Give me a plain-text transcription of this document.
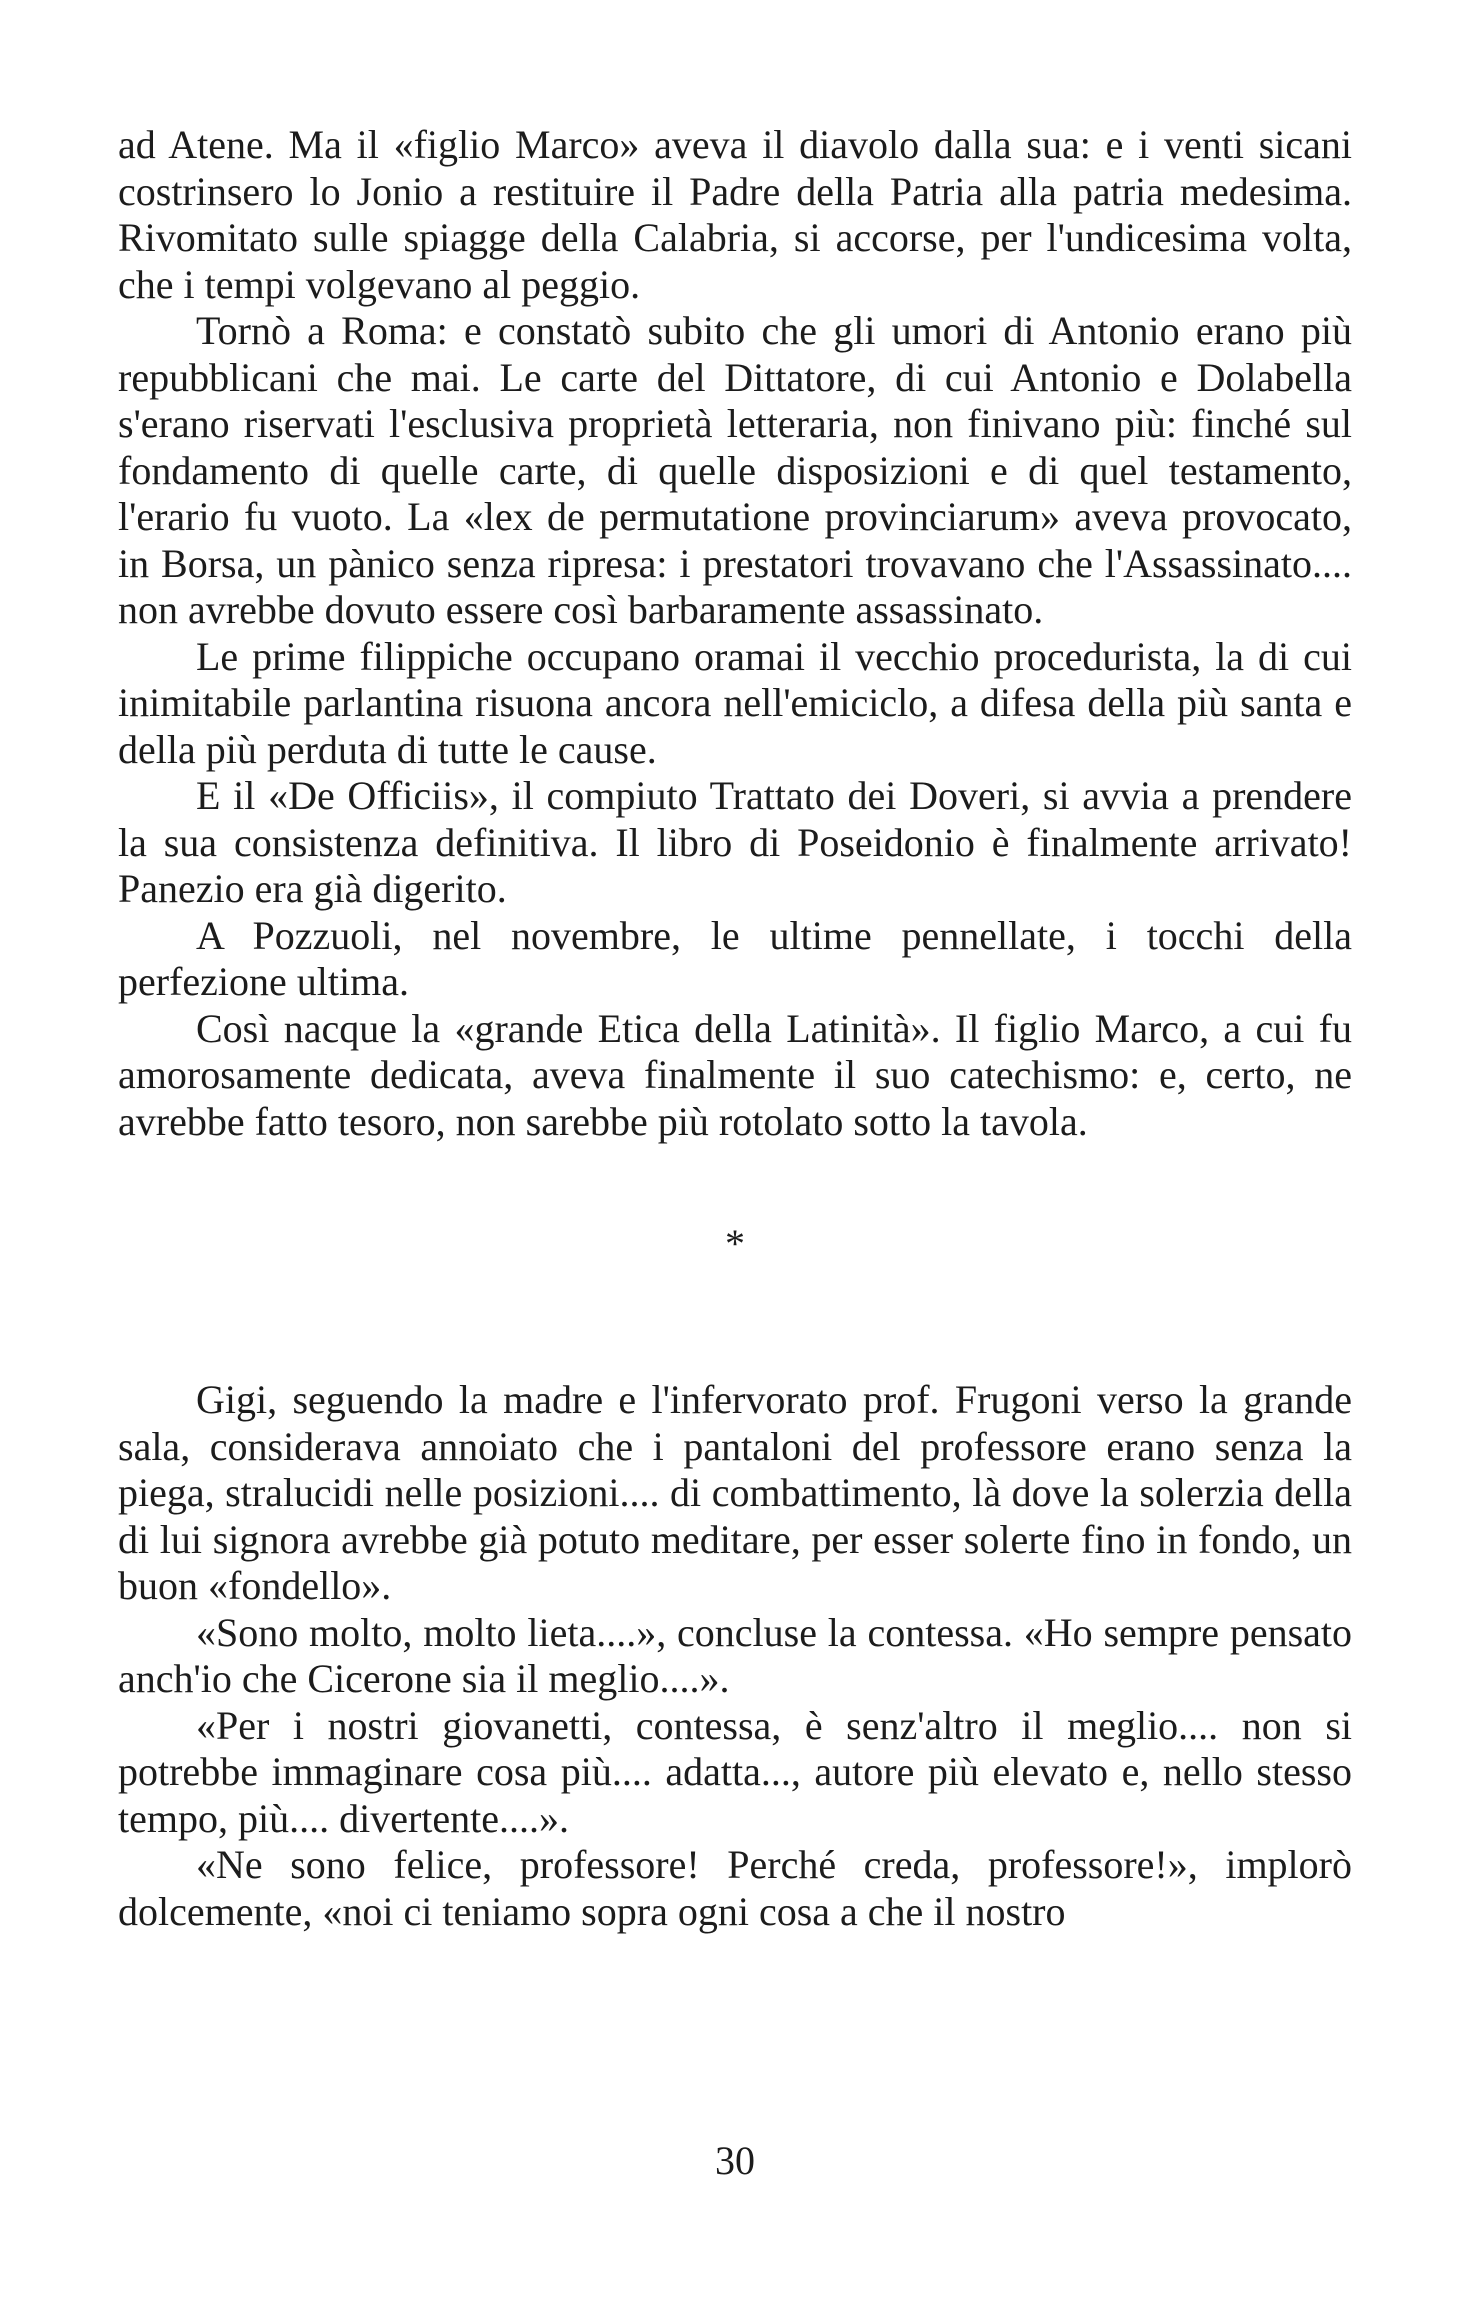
ad Atene. Ma il «figlio Marco» aveva il diavolo dalla sua: e i venti sicani costrinsero lo Jonio a restituire il Padre della Patria alla patria medesima. Rivomitato sulle spiagge della Calabria, si accorse, per l'undicesima volta, che i tempi volgevano al peggio.

Tornò a Roma: e constatò subito che gli umori di Antonio erano più repubblicani che mai. Le carte del Dittatore, di cui Antonio e Dolabella s'erano riservati l'esclusiva proprietà letteraria, non finivano più: finché sul fondamento di quelle carte, di quelle disposizioni e di quel testamento, l'erario fu vuoto. La «lex de permutatione provinciarum» aveva provocato, in Borsa, un pànico senza ripresa: i prestatori trovavano che l'Assassinato.... non avrebbe dovuto essere così barbaramente assassinato.

Le prime filippiche occupano oramai il vecchio procedurista, la di cui inimitabile parlantina risuona ancora nell'emiciclo, a difesa della più santa e della più perduta di tutte le cause.

E il «De Officiis», il compiuto Trattato dei Doveri, si avvia a prendere la sua consistenza definitiva. Il libro di Poseidonio è finalmente arrivato! Panezio era già digerito.

A Pozzuoli, nel novembre, le ultime pennellate, i tocchi della perfezione ultima.

Così nacque la «grande Etica della Latinità». Il figlio Marco, a cui fu amorosamente dedicata, aveva finalmente il suo catechismo: e, certo, ne avrebbe fatto tesoro, non sarebbe più rotolato sotto la tavola.

*

Gigi, seguendo la madre e l'infervorato prof. Frugoni verso la grande sala, considerava annoiato che i pantaloni del professore erano senza la piega, stralucidi nelle posizioni.... di combattimento, là dove la solerzia della di lui signora avrebbe già potuto meditare, per esser solerte fino in fondo, un buon «fondello».

«Sono molto, molto lieta....», concluse la contessa. «Ho sempre pensato anch'io che Cicerone sia il meglio....».

«Per i nostri giovanetti, contessa, è senz'altro il meglio.... non si potrebbe immaginare cosa più.... adatta..., autore più elevato e, nello stesso tempo, più.... divertente....».

«Ne sono felice, professore! Perché creda, professore!», implorò dolcemente, «noi ci teniamo sopra ogni cosa a che il nostro

30
